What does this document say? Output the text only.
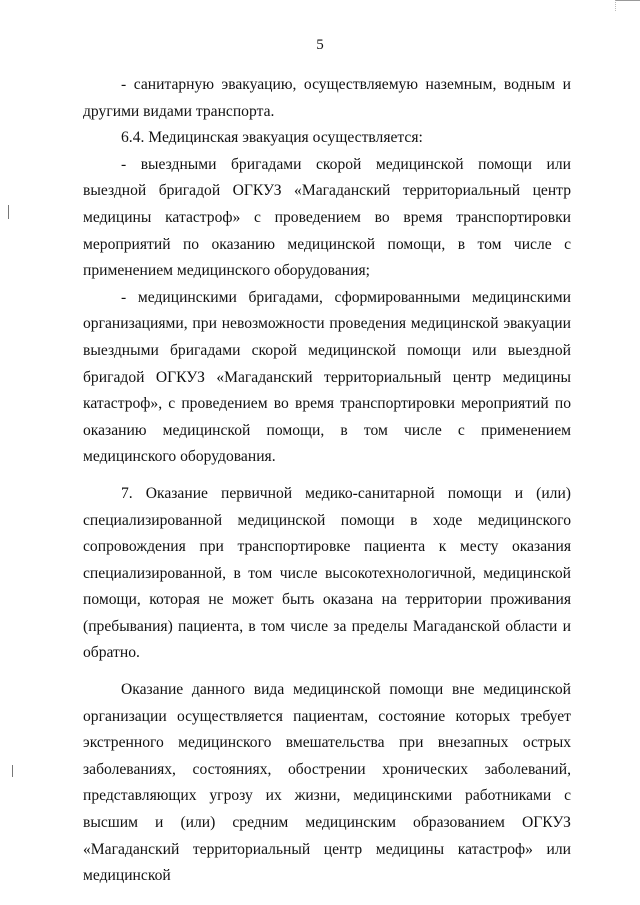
5

- санитарную эвакуацию, осуществляемую наземным, водным и другими видами транспорта.

6.4. Медицинская эвакуация осуществляется:

- выездными бригадами скорой медицинской помощи или выездной бригадой ОГКУЗ «Магаданский территориальный центр медицины катастроф» с проведением во время транспортировки мероприятий по оказанию медицинской помощи, в том числе с применением медицинского оборудования;

- медицинскими бригадами, сформированными медицинскими организациями, при невозможности проведения медицинской эвакуации выездными бригадами скорой медицинской помощи или выездной бригадой ОГКУЗ «Магаданский территориальный центр медицины катастроф», с проведением во время транспортировки мероприятий по оказанию медицинской помощи, в том числе с применением медицинского оборудования.

7. Оказание первичной медико-санитарной помощи и (или) специализированной медицинской помощи в ходе медицинского сопровождения при транспортировке пациента к месту оказания специализированной, в том числе высокотехнологичной, медицинской помощи, которая не может быть оказана на территории проживания (пребывания) пациента, в том числе за пределы Магаданской области и обратно.

Оказание данного вида медицинской помощи вне медицинской организации осуществляется пациентам, состояние которых требует экстренного медицинского вмешательства при внезапных острых заболеваниях, состояниях, обострении хронических заболеваний, представляющих угрозу их жизни, медицинскими работниками с высшим и (или) средним медицинским образованием ОГКУЗ «Магаданский территориальный центр медицины катастроф» или медицинской
